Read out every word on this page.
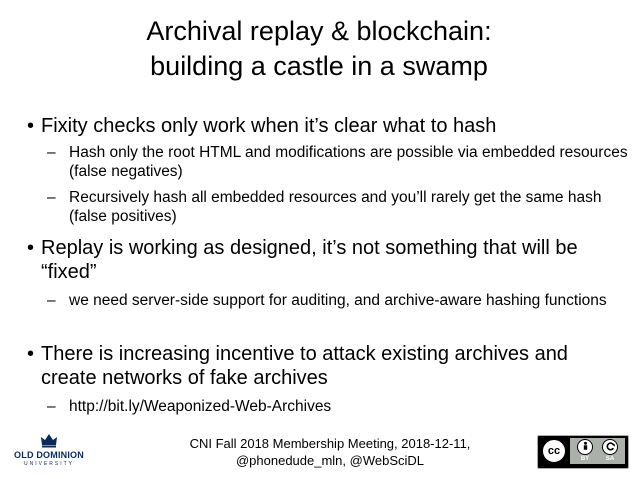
Archival replay & blockchain:
building a castle in a swamp
• Fixity checks only work when it’s clear what to hash
– Hash only the root HTML and modifications are possible via embedded resources (false negatives)
– Recursively hash all embedded resources and you’ll rarely get the same hash (false positives)
• Replay is working as designed, it’s not something that will be “fixed”
– we need server-side support for auditing, and archive-aware hashing functions
• There is increasing incentive to attack existing archives and create networks of fake archives
– http://bit.ly/Weaponized-Web-Archives
OLD DOMINION
UNIVERSITY
CNI Fall 2018 Membership Meeting, 2018-12-11,
@phonedude_mln, @WebSciDL
cc
BY	SA
